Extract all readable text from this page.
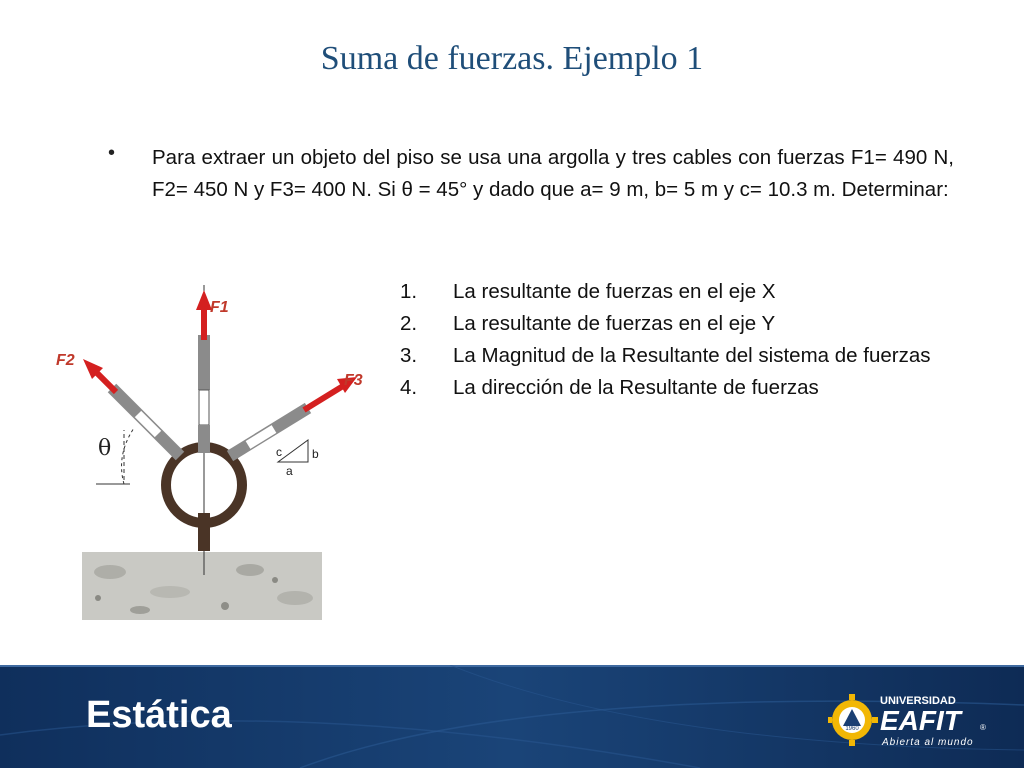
Suma de fuerzas. Ejemplo 1
• Para extraer un objeto del piso se usa una argolla y tres cables con fuerzas F1= 490 N, F2= 450 N y F3= 400 N. Si θ = 45° y dado que a= 9 m, b= 5 m y c= 10.3 m. Determinar:
1. La resultante de fuerzas en el eje X
2. La resultante de fuerzas en el eje Y
3. La Magnitud de la Resultante del sistema de fuerzas
4. La dirección de la Resultante de fuerzas
θ	c	b
a
F1
F2
F3
Estática	1960
UNIVERSIDAD
EAFIT	®
Abierta al mundo
